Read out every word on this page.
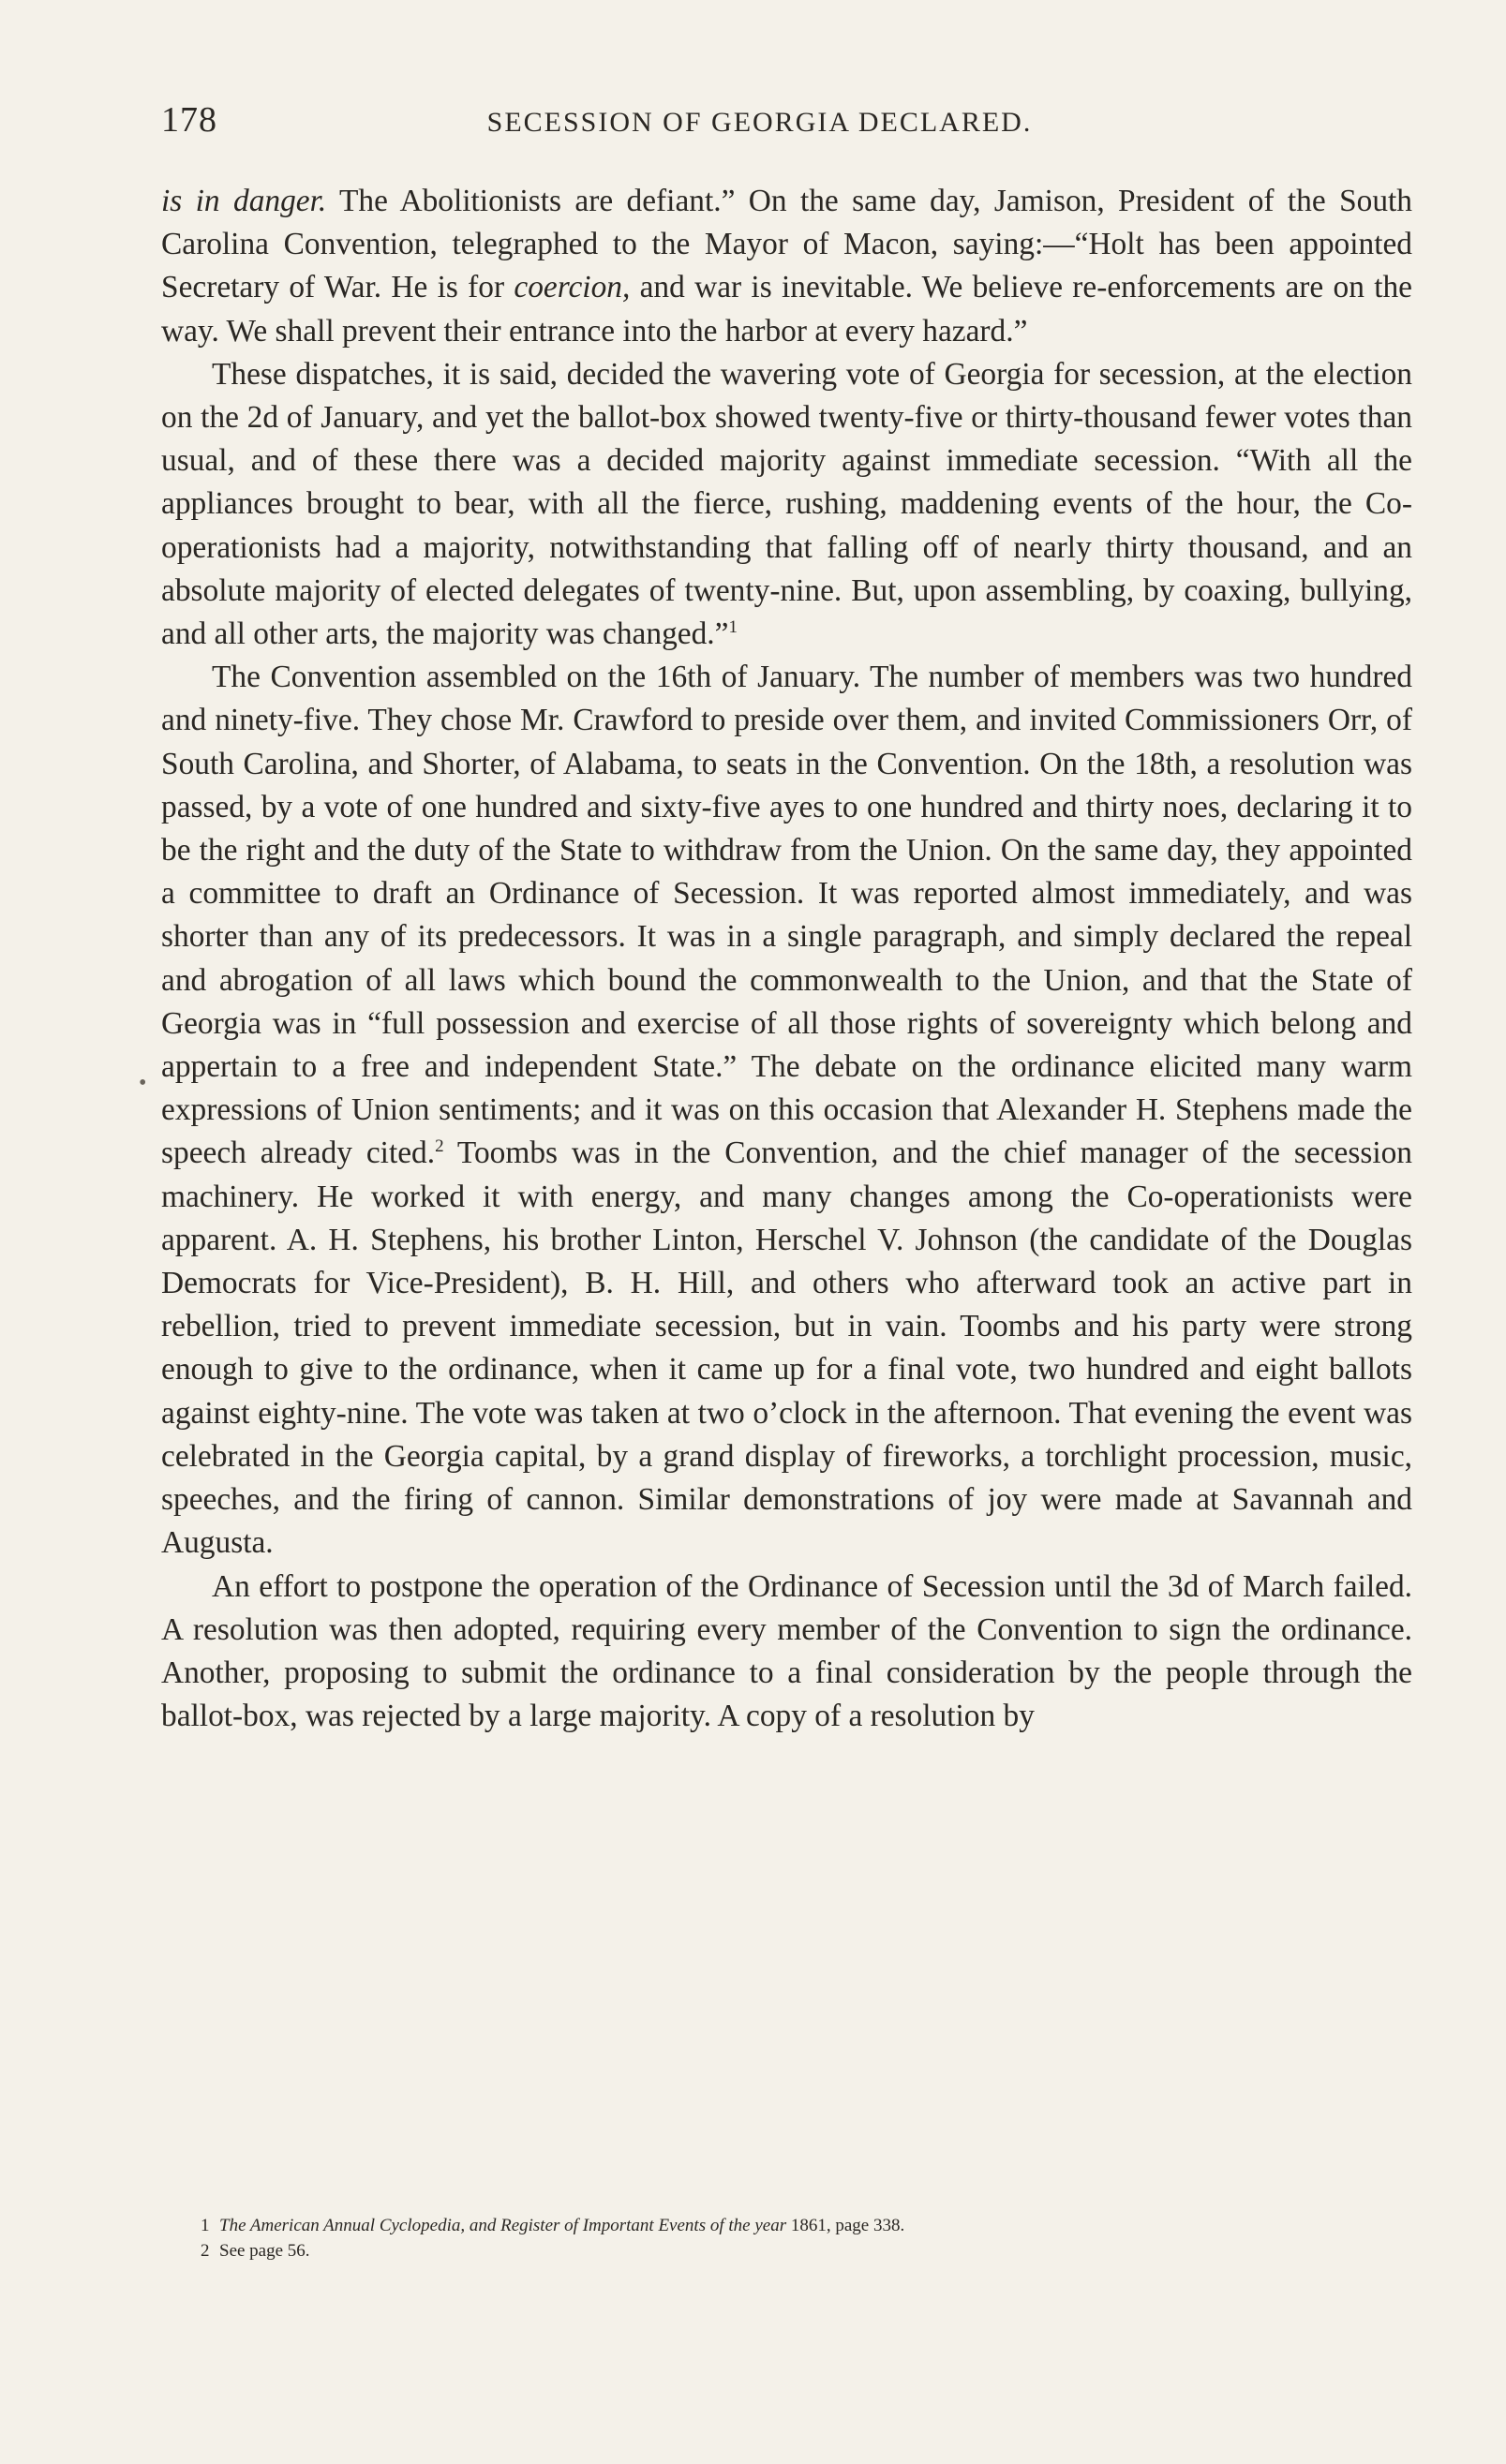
178	SECESSION OF GEORGIA DECLARED.

is in danger. The Abolitionists are defiant.” On the same day, Jamison, President of the South Carolina Convention, telegraphed to the Mayor of Macon, saying:—“Holt has been appointed Secretary of War. He is for coercion, and war is inevitable. We believe re-enforcements are on the way. We shall prevent their entrance into the harbor at every hazard.”

These dispatches, it is said, decided the wavering vote of Georgia for secession, at the election on the 2d of January, and yet the ballot-box showed twenty-five or thirty-thousand fewer votes than usual, and of these there was a decided majority against immediate secession. “With all the appliances brought to bear, with all the fierce, rushing, maddening events of the hour, the Co-operationists had a majority, notwithstanding that falling off of nearly thirty thousand, and an absolute majority of elected delegates of twenty-nine. But, upon assembling, by coaxing, bullying, and all other arts, the majority was changed.”$^1$

The Convention assembled on the 16th of January. The number of members was two hundred and ninety-five. They chose Mr. Crawford to preside over them, and invited Commissioners Orr, of South Carolina, and Shorter, of Alabama, to seats in the Convention. On the 18th, a resolution was passed, by a vote of one hundred and sixty-five ayes to one hundred and thirty noes, declaring it to be the right and the duty of the State to withdraw from the Union. On the same day, they appointed a committee to draft an Ordinance of Secession. It was reported almost immediately, and was shorter than any of its predecessors. It was in a single paragraph, and simply declared the repeal and abrogation of all laws which bound the commonwealth to the Union, and that the State of Georgia was in “full possession and exercise of all those rights of sovereignty which belong and appertain to a free and independent State.” The debate on the ordinance elicited many warm expressions of Union sentiments; and it was on this occasion that Alexander H. Stephens made the speech already cited.$^2$ Toombs was in the Convention, and the chief manager of the secession machinery. He worked it with energy, and many changes among the Co-operationists were apparent. A. H. Stephens, his brother Linton, Herschel V. Johnson (the candidate of the Douglas Democrats for Vice-President), B. H. Hill, and others who afterward took an active part in rebellion, tried to prevent immediate secession, but in vain. Toombs and his party were strong enough to give to the ordinance, when it came up for a final vote, two hundred and eight ballots against eighty-nine. The vote was taken at two o’clock in the afternoon. That evening the event was celebrated in the Georgia capital, by a grand display of fireworks, a torchlight procession, music, speeches, and the firing of cannon. Similar demonstrations of joy were made at Savannah and Augusta.

An effort to postpone the operation of the Ordinance of Secession until the 3d of March failed. A resolution was then adopted, requiring every member of the Convention to sign the ordinance. Another, proposing to submit the ordinance to a final consideration by the people through the ballot-box, was rejected by a large majority. A copy of a resolution by

•

1 The American Annual Cyclopedia, and Register of Important Events of the year 1861, page 338.

2 See page 56.
